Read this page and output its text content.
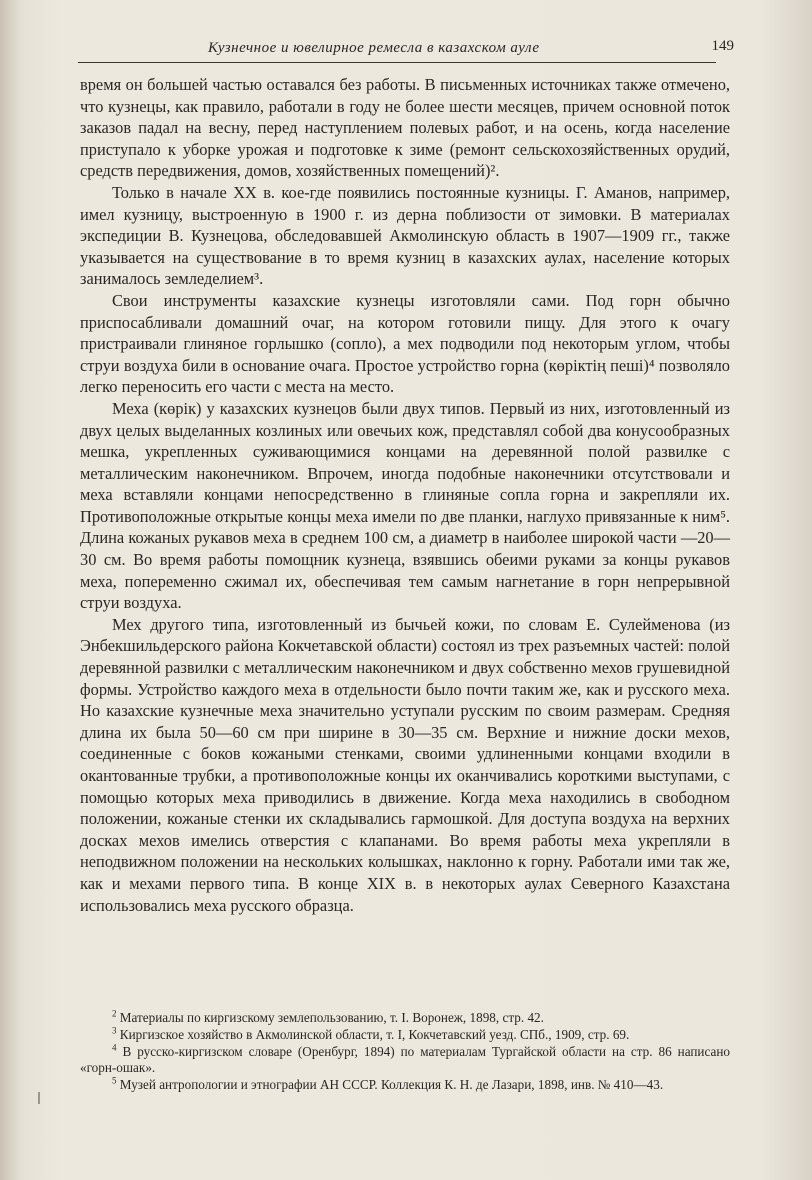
Кузнечное и ювелирное ремесла в казахском ауле	149

время он большей частью оставался без работы. В письменных источниках также отмечено, что кузнецы, как правило, работали в году не более шести месяцев, причем основной поток заказов падал на весну, перед наступлением полевых работ, и на осень, когда население приступало к уборке урожая и подготовке к зиме (ремонт сельскохозяйственных орудий, средств передвижения, домов, хозяйственных помещений)².

Только в начале XX в. кое-где появились постоянные кузницы. Г. Аманов, например, имел кузницу, выстроенную в 1900 г. из дерна поблизости от зимовки. В материалах экспедиции В. Кузнецова, обследовавшей Акмолинскую область в 1907—1909 гг., также указывается на существование в то время кузниц в казахских аулах, население которых занималось земледелием³.

Свои инструменты казахские кузнецы изготовляли сами. Под горн обычно приспосабливали домашний очаг, на котором готовили пищу. Для этого к очагу пристраивали глиняное горлышко (сопло), а мех подводили под некоторым углом, чтобы струи воздуха били в основание очага. Простое устройство горна (көріктің пеші)⁴ позволяло легко переносить его части с места на место.

Меха (көрік) у казахских кузнецов были двух типов. Первый из них, изготовленный из двух целых выделанных козлиных или овечьих кож, представлял собой два конусообразных мешка, укрепленных суживающимися концами на деревянной полой развилке с металлическим наконечником. Впрочем, иногда подобные наконечники отсутствовали и меха вставляли концами непосредственно в глиняные сопла горна и закрепляли их. Противоположные открытые концы меха имели по две планки, наглухо привязанные к ним⁵. Длина кожаных рукавов меха в среднем 100 см, а диаметр в наиболее широкой части —20—30 см. Во время работы помощник кузнеца, взявшись обеими руками за концы рукавов меха, попеременно сжимал их, обеспечивая тем самым нагнетание в горн непрерывной струи воздуха.

Мех другого типа, изготовленный из бычьей кожи, по словам Е. Сулейменова (из Энбекшильдерского района Кокчетавской области) состоял из трех разъемных частей: полой деревянной развилки с металлическим наконечником и двух собственно мехов грушевидной формы. Устройство каждого меха в отдельности было почти таким же, как и русского меха. Но казахские кузнечные меха значительно уступали русским по своим размерам. Средняя длина их была 50—60 см при ширине в 30—35 см. Верхние и нижние доски мехов, соединенные с боков кожаными стенками, своими удлиненными концами входили в окантованные трубки, а противоположные концы их оканчивались короткими выступами, с помощью которых меха приводились в движение. Когда меха находились в свободном положении, кожаные стенки их складывались гармошкой. Для доступа воздуха на верхних досках мехов имелись отверстия с клапанами. Во время работы меха укрепляли в неподвижном положении на нескольких колышках, наклонно к горну. Работали ими так же, как и мехами первого типа. В конце XIX в. в некоторых аулах Северного Казахстана использовались меха русского образца.

$^2$ Материалы по киргизскому землепользованию, т. I. Воронеж, 1898, стр. 42.

$^3$ Киргизское хозяйство в Акмолинской области, т. I, Кокчетавский уезд. СПб., 1909, стр. 69.

$^4$ В русско-киргизском словаре (Оренбург, 1894) по материалам Тургайской области на стр. 86 написано «горн-ошак».

$^5$ Музей антропологии и этнографии АН СССР. Коллекция К. Н. де Лазари, 1898, инв. № 410—43.
